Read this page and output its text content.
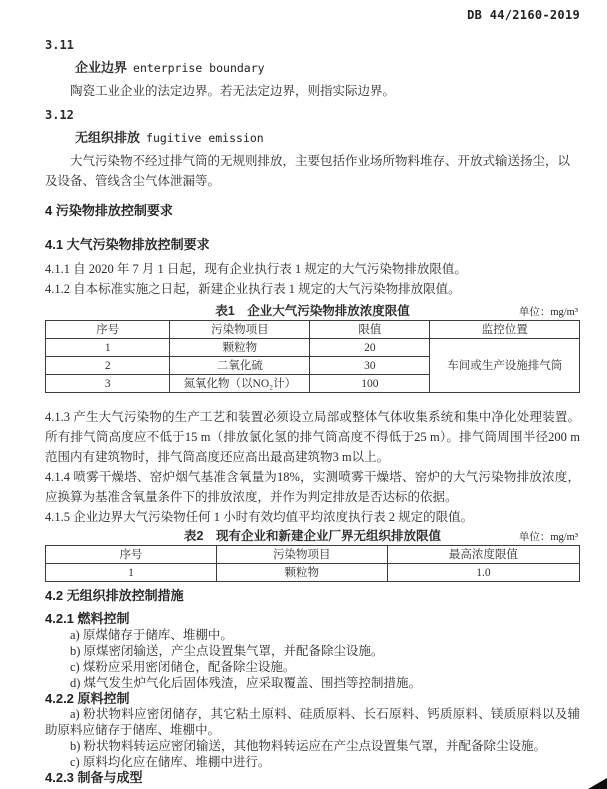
DB 44/2160-2019
3.11
企业边界 enterprise boundary
陶瓷工业企业的法定边界。若无法定边界，则指实际边界。
3.12
无组织排放 fugitive emission
大气污染物不经过排气筒的无规则排放，主要包括作业场所物料堆存、开放式输送扬尘，以及设备、管线含尘气体泄漏等。
4 污染物排放控制要求
4.1 大气污染物排放控制要求

4.1.1 自 2020 年 7 月 1 日起，现有企业执行表 1 规定的大气污染物排放限值。

4.1.2 自本标准实施之日起，新建企业执行表 1 规定的大气污染物排放限值。

表1　企业大气污染物排放浓度限值	单位：mg/m³
序号	污染物项目	限值	监控位置
1	颗粒物	20	车间或生产设施排气筒
2	二氧化硫	30	
3	氮氧化物（以NO₂计）	100	

4.1.3 产生大气污染物的生产工艺和装置必须设立局部或整体气体收集系统和集中净化处理装置。所有排气筒高度应不低于15 m（排放氯化氢的排气筒高度不得低于25 m）。排气筒周围半径200 m范围内有建筑物时，排气筒高度还应高出最高建筑物3 m以上。

4.1.4 喷雾干燥塔、窑炉烟气基准含氧量为18%，实测喷雾干燥塔、窑炉的大气污染物排放浓度，应换算为基准含氧量条件下的排放浓度，并作为判定排放是否达标的依据。

4.1.5 企业边界大气污染物任何 1 小时有效均值平均浓度执行表 2 规定的限值。

表2　现有企业和新建企业厂界无组织排放限值	单位：mg/m³
序号	污染物项目	最高浓度限值
1	颗粒物	1.0
4.2 无组织排放控制措施
4.2.1 燃料控制

a) 原煤储存于储库、堆棚中。

b) 原煤密闭输送，产尘点设置集气罩，并配备除尘设施。

c) 煤粉应采用密闭储仓，配备除尘设施。

d) 煤气发生炉气化后固体残渣，应采取覆盖、围挡等控制措施。

4.2.2 原料控制

a) 粉状物料应密闭储存，其它粘土原料、硅质原料、长石原料、钙质原料、镁质原料以及辅助原料应储存于储库、堆棚中。

b) 粉状物料转运应密闭输送，其他物料转运应在产尘点设置集气罩，并配备除尘设施。

c) 原料均化应在储库、堆棚中进行。

4.2.3 制备与成型
